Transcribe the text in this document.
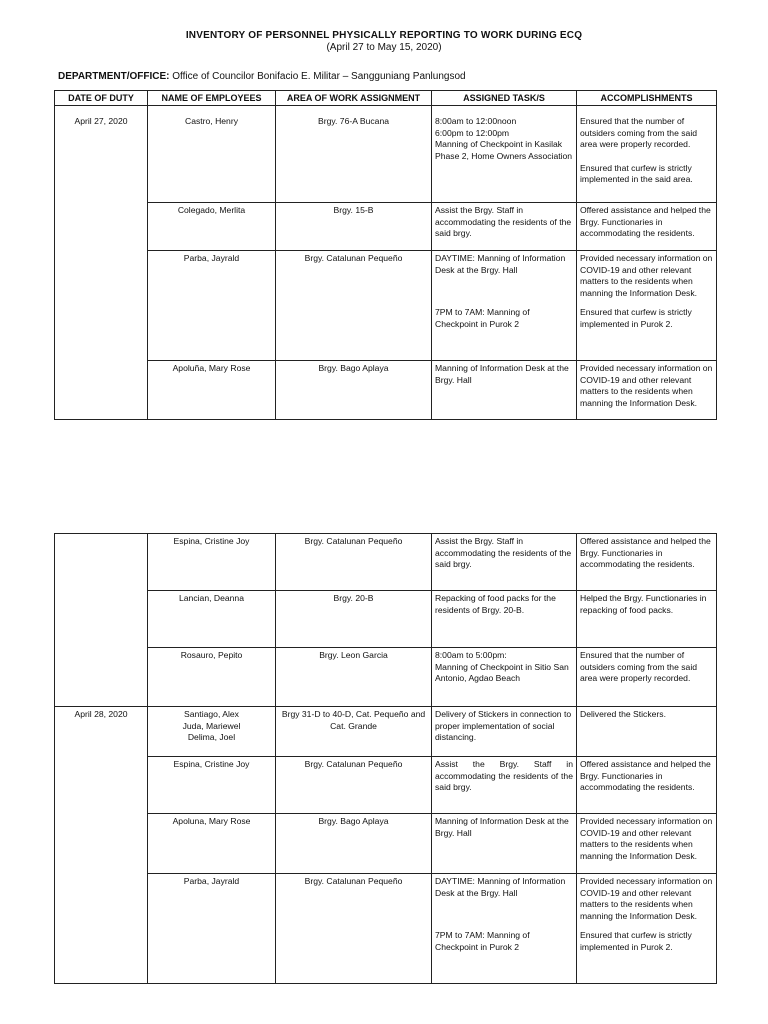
INVENTORY OF PERSONNEL PHYSICALLY REPORTING TO WORK DURING ECQ
(April 27 to May 15, 2020)
DEPARTMENT/OFFICE: Office of Councilor Bonifacio E. Militar – Sangguniang Panlungsod
DATE OF DUTY	NAME OF EMPLOYEES	AREA OF WORK ASSIGNMENT	ASSIGNED TASK/S	ACCOMPLISHMENTS
April 27, 2020	Castro, Henry	Brgy. 76-A Bucana	8:00am to 12:00noon
6:00pm to 12:00pm
Manning of Checkpoint in Kasilak Phase 2, Home Owners Association	Ensured that the number of outsiders coming from the said area were properly recorded.
Ensured that curfew is strictly implemented in the said area.

	Colegado, Merlita	Brgy. 15-B	Assist the Brgy. Staff in accommodating the residents of the said brgy.	Offered assistance and helped the Brgy. Functionaries in accommodating the residents.
	Parba, Jayrald	Brgy. Catalunan Pequeño	DAYTIME: Manning of Information Desk at the Brgy. Hall
7PM to 7AM: Manning of Checkpoint in Purok 2	Provided necessary information on COVID-19 and other relevant matters to the residents when manning the Information Desk.
Ensured that curfew is strictly implemented in Purok 2.

	Apoluña, Mary Rose	Brgy. Bago Aplaya	Manning of Information Desk at the Brgy. Hall	Provided necessary information on COVID-19 and other relevant matters to the residents when manning the Information Desk.
	Espina, Cristine Joy	Brgy. Catalunan Pequeño	Assist the Brgy. Staff in accommodating the residents of the said brgy.	Offered assistance and helped the Brgy. Functionaries in accommodating the residents.
	Lancian, Deanna	Brgy. 20-B	Repacking of food packs for the residents of Brgy. 20-B.	Helped the Brgy. Functionaries in repacking of food packs.
	Rosauro, Pepito	Brgy. Leon Garcia	8:00am to 5:00pm:
Manning of Checkpoint in Sitio San Antonio, Agdao Beach	Ensured that the number of outsiders coming from the said area were properly recorded.
April 28, 2020	Santiago, Alex
Juda, Mariewel
Delima, Joel	Brgy 31-D to 40-D, Cat. Pequeño and Cat. Grande	Delivery of Stickers in connection to proper implementation of social distancing.	Delivered the Stickers.
	Espina, Cristine Joy	Brgy. Catalunan Pequeño	Assist the Brgy. Staff in accommodating the residents of the said brgy.	Offered assistance and helped the Brgy. Functionaries in accommodating the residents.
	Apoluna, Mary Rose	Brgy. Bago Aplaya	Manning of Information Desk at the Brgy. Hall	Provided necessary information on COVID-19 and other relevant matters to the residents when manning the Information Desk.
	Parba, Jayrald	Brgy. Catalunan Pequeño	DAYTIME: Manning of Information Desk at the Brgy. Hall
7PM to 7AM: Manning of Checkpoint in Purok 2	Provided necessary information on COVID-19 and other relevant matters to the residents when manning the Information Desk.
Ensured that curfew is strictly implemented in Purok 2.
